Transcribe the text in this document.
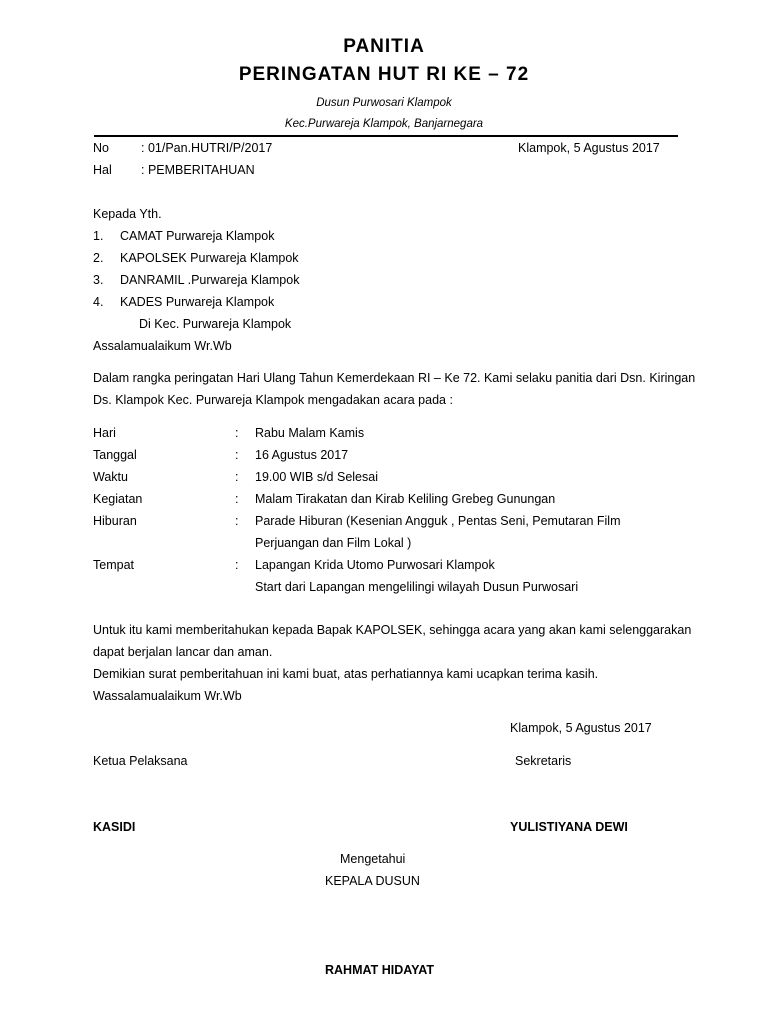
PANITIA
PERINGATAN HUT RI KE – 72
Dusun Purwosari Klampok
Kec.Purwareja Klampok, Banjarnegara
No	: 01/Pan.HUTRI/P/2017	Klampok, 5 Agustus 2017
Hal : PEMBERITAHUAN
Kepada Yth.
1. CAMAT Purwareja Klampok
2. KAPOLSEK Purwareja Klampok
3. DANRAMIL .Purwareja Klampok
4. KADES Purwareja Klampok
Di Kec. Purwareja Klampok
Assalamualaikum Wr.Wb
Dalam rangka peringatan Hari Ulang Tahun Kemerdekaan RI – Ke 72. Kami selaku panitia dari Dsn. Kiringan
Ds. Klampok Kec. Purwareja Klampok mengadakan acara pada :
Hari	: Rabu Malam Kamis
Tanggal	: 16 Agustus 2017
Waktu	: 19.00 WIB s/d Selesai
Kegiatan	: Malam Tirakatan dan Kirab Keliling Grebeg Gunungan
Hiburan	: Parade Hiburan (Kesenian Angguk , Pentas Seni, Pemutaran Film
Perjuangan dan Film Lokal )
Tempat	: Lapangan Krida Utomo Purwosari Klampok
Start dari Lapangan mengelilingi wilayah Dusun Purwosari
Untuk itu kami memberitahukan kepada Bapak KAPOLSEK, sehingga acara yang akan kami selenggarakan
dapat berjalan lancar dan aman.
Demikian surat pemberitahuan ini kami buat, atas perhatiannya kami ucapkan terima kasih.
Wassalamualaikum Wr.Wb
Klampok, 5 Agustus 2017
Ketua Pelaksana	Sekretaris
KASIDI	YULISTIYANA DEWI
Mengetahui
KEPALA DUSUN
RAHMAT HIDAYAT
